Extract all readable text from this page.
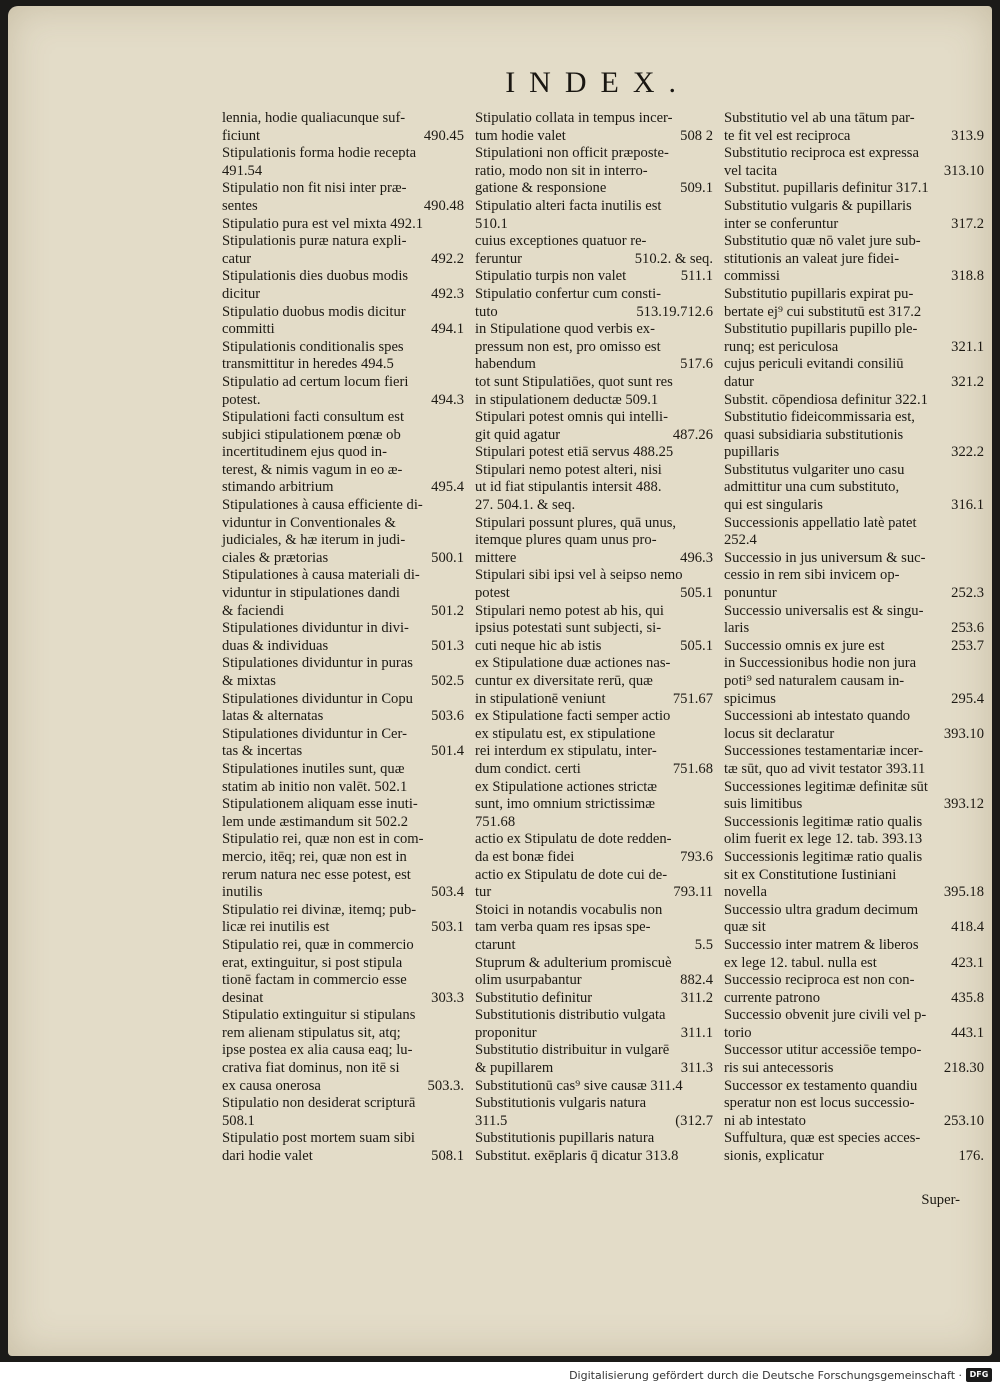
INDEX.

lennia, hodie qualiacunque suf-

490.45
ficiunt

Stipulationis forma hodie recepta

491.54

Stipulatio non fit nisi inter præ-

490.48
sentes

Stipulatio pura est vel mixta 492.1

Stipulationis puræ natura expli-

492.2
catur

Stipulationis dies duobus modis

492.3
dicitur

Stipulatio duobus modis dicitur

494.1
committi

Stipulationis conditionalis spes

transmittitur in heredes 494.5

Stipulatio ad certum locum fieri

494.3
potest.

Stipulationi facti consultum est

subjici stipulationem pœnæ ob

incertitudinem ejus quod in-

terest, & nimis vagum in eo æ-

495.4
stimando arbitrium

Stipulationes à causa efficiente di-

viduntur in Conventionales &

judiciales, & hæ iterum in judi-

500.1
ciales & prætorias

Stipulationes à causa materiali di-

viduntur in stipulationes dandi

501.2
& faciendi

Stipulationes dividuntur in divi-

501.3
duas & individuas

Stipulationes dividuntur in puras

502.5
& mixtas

Stipulationes dividuntur in Copu

503.6
latas & alternatas

Stipulationes dividuntur in Cer-

501.4
tas & incertas

Stipulationes inutiles sunt, quæ

statim ab initio non valēt. 502.1

Stipulationem aliquam esse inuti-

lem unde æstimandum sit 502.2

Stipulatio rei, quæ non est in com-

mercio, itēq; rei, quæ non est in

rerum natura nec esse potest, est

503.4
inutilis

Stipulatio rei divinæ, itemq; pub-

503.1
licæ rei inutilis est

Stipulatio rei, quæ in commercio

erat, extinguitur, si post stipula

tionē factam in commercio esse

303.3
desinat

Stipulatio extinguitur si stipulans

rem alienam stipulatus sit, atq;

ipse postea ex alia causa eaq; lu-

crativa fiat dominus, non itē si

503.3.
ex causa onerosa

Stipulatio non desiderat scripturā

508.1

Stipulatio post mortem suam sibi

508.1
dari hodie valet

Stipulatio collata in tempus incer-

508 2
tum hodie valet

Stipulationi non officit præposte-

ratio, modo non sit in interro-

509.1
gatione & responsione

Stipulatio alteri facta inutilis est

510.1

cuius exceptiones quatuor re-

510.2. & seq.
feruntur

511.1
Stipulatio turpis non valet

Stipulatio confertur cum consti-

513.19.712.6
tuto

in Stipulatione quod verbis ex-

pressum non est, pro omisso est

517.6
habendum

tot sunt Stipulatiōes, quot sunt res

in stipulationem deductæ 509.1

Stipulari potest omnis qui intelli-

487.26
git quid agatur

Stipulari potest etiā servus 488.25

Stipulari nemo potest alteri, nisi

ut id fiat stipulantis intersit 488.

27. 504.1. & seq.

Stipulari possunt plures, quā unus,

itemque plures quam unus pro-

496.3
mittere

Stipulari sibi ipsi vel à seipso nemo

505.1
potest

Stipulari nemo potest ab his, qui

ipsius potestati sunt subjecti, si-

505.1
cuti neque hic ab istis

ex Stipulatione duæ actiones nas-

cuntur ex diversitate rerū, quæ

751.67
in stipulationē veniunt

ex Stipulatione facti semper actio

ex stipulatu est, ex stipulatione

rei interdum ex stipulatu, inter-

751.68
dum condict. certi

ex Stipulatione actiones strictæ

sunt, imo omnium strictissimæ

751.68

actio ex Stipulatu de dote redden-

793.6
da est bonæ fidei

actio ex Stipulatu de dote cui de-

793.11
tur

Stoici in notandis vocabulis non

tam verba quam res ipsas spe-

5.5
ctarunt

Stuprum & adulterium promiscuè

882.4
olim usurpabantur

311.2
Substitutio definitur

Substitutionis distributio vulgata

311.1
proponitur

Substitutio distribuitur in vulgarē

311.3
& pupillarem

Substitutionū cas⁹ sive causæ 311.4

Substitutionis vulgaris natura

(312.7
311.5

Substitutionis pupillaris natura

Substitut. exēplaris q̄ dicatur 313.8

Substitutio vel ab una tātum par-

313.9
te fit vel est reciproca

Substitutio reciproca est expressa

313.10
vel tacita

Substitut. pupillaris definitur 317.1

Substitutio vulgaris & pupillaris

317.2
inter se conferuntur

Substitutio quæ nō valet jure sub-

stitutionis an valeat jure fidei-

318.8
commissi

Substitutio pupillaris expirat pu-

bertate ej⁹ cui substitutū est 317.2

Substitutio pupillaris pupillo ple-

321.1
runq; est periculosa

cujus periculi evitandi consiliū

321.2
datur

Substit. cōpendiosa definitur 322.1

Substitutio fideicommissaria est,

quasi subsidiaria substitutionis

322.2
pupillaris

Substitutus vulgariter uno casu

admittitur una cum substituto,

316.1
qui est singularis

Successionis appellatio latè patet

252.4

Successio in jus universum & suc-

cessio in rem sibi invicem op-

252.3
ponuntur

Successio universalis est & singu-

253.6
laris

253.7
Successio omnis ex jure est

in Successionibus hodie non jura

poti⁹ sed naturalem causam in-

295.4
spicimus

Successioni ab intestato quando

393.10
locus sit declaratur

Successiones testamentariæ incer-

tæ sūt, quo ad vivit testator 393.11

Successiones legitimæ definitæ sūt

393.12
suis limitibus

Successionis legitimæ ratio qualis

olim fuerit ex lege 12. tab. 393.13

Successionis legitimæ ratio qualis

sit ex Constitutione Iustiniani

395.18
novella

Successio ultra gradum decimum

418.4
quæ sit

Successio inter matrem & liberos

423.1
ex lege 12. tabul. nulla est

Successio reciproca est non con-

435.8
currente patrono

Successio obvenit jure civili vel p-

443.1
torio

Successor utitur accessiōe tempo-

218.30
ris sui antecessoris

Successor ex testamento quandiu

speratur non est locus successio-

253.10
ni ab intestato

Suffultura, quæ est species acces-

176.
sionis, explicatur

Super-
Digitalisierung gefördert durch die Deutsche Forschungsgemeinschaft · DFG
